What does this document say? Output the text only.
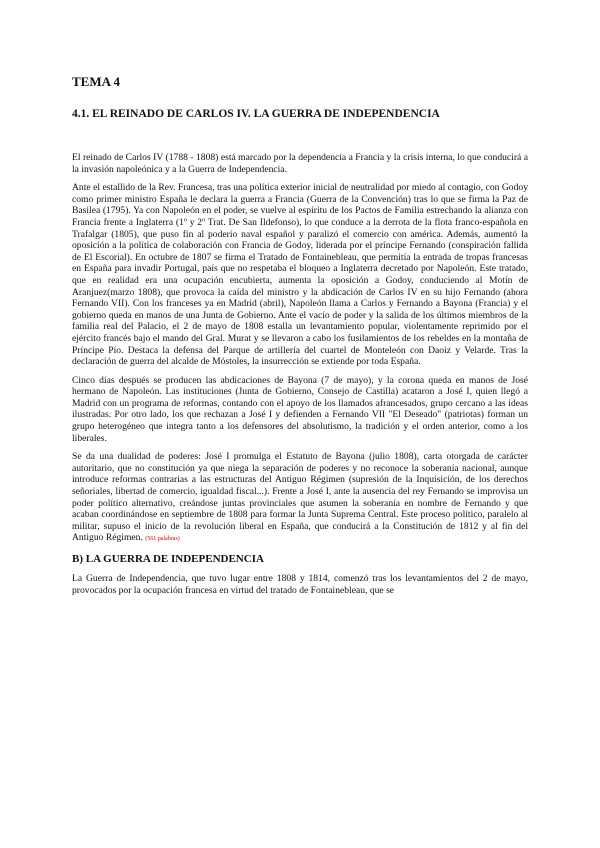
TEMA 4
4.1. EL REINADO DE CARLOS IV. LA GUERRA DE INDEPENDENCIA

El reinado de Carlos IV (1788 - 1808) está marcado por la dependencia a Francia y la crisis interna, lo que conducirá a la invasión napoleónica y a la Guerra de Independencia.

Ante el estallido de la Rev. Francesa, tras una política exterior inicial de neutralidad por miedo al contagio, con Godoy como primer ministro España le declara la guerra a Francia (Guerra de la Convención) tras lo que se firma la Paz de Basilea (1795). Ya con Napoleón en el poder, se vuelve al espíritu de los Pactos de Familia estrechando la alianza con Francia frente a Inglaterra (1º y 2º Trat. De San Ildefonso), lo que conduce a la derrota de la flota franco-española en Trafalgar (1805), que puso fin al poderío naval español y paralizó el comercio con américa. Además, aumentó la oposición a la política de colaboración con Francia de Godoy, liderada por el príncipe Fernando (conspiración fallida de El Escorial). En octubre de 1807 se firma el Tratado de Fontainebleau, que permitía la entrada de tropas francesas en España para invadir Portugal, país que no respetaba el bloqueo a Inglaterra decretado por Napoleón. Este tratado, que en realidad era una ocupación encubierta, aumenta la oposición a Godoy, conduciendo al Motín de Aranjuez(marzo 1808), que provoca la caída del ministro y la abdicación de Carlos IV en su hijo Fernando (ahora Fernando VII). Con los franceses ya en Madrid (abril), Napoleón llama a Carlos y Fernando a Bayona (Francia) y el gobierno queda en manos de una Junta de Gobierno. Ante el vacío de poder y la salida de los últimos miembros de la familia real del Palacio, el 2 de mayo de 1808 estalla un levantamiento popular, violentamente reprimido por el ejército francés bajo el mando del Gral. Murat y se llevaron a cabo los fusilamientos de los rebeldes en la montaña de Príncipe Pío. Destaca la defensa del Parque de artillería del cuartel de Monteleón con Daoiz y Velarde. Tras la declaración de guerra del alcalde de Móstoles, la insurrección se extiende por toda España.

Cinco días después se producen las abdicaciones de Bayona (7 de mayo), y la corona queda en manos de José hermano de Napoleón. Las instituciones (Junta de Gobierno, Consejo de Castilla) acataron a José I, quien llegó a Madrid con un programa de reformas, contando con el apoyo de los llamados afrancesados, grupo cercano a las ideas ilustradas. Por otro lado, los que rechazan a José I y defienden a Fernando VII "El Deseado" (patriotas) forman un grupo heterogéneo que integra tanto a los defensores del absolutismo, la tradición y el orden anterior, como a los liberales.

Se da una dualidad de poderes: José I promulga el Estatuto de Bayona (julio 1808), carta otorgada de carácter autoritario, que no constitución ya que niega la separación de poderes y no reconoce la soberanía nacional, aunque introduce reformas contrarias a las estructuras del Antiguo Régimen (supresión de la Inquisición, de los derechos señoriales, libertad de comercio, igualdad fiscal...). Frente a José I, ante la ausencia del rey Fernando se improvisa un poder político alternativo, creándose juntas provinciales que asumen la soberanía en nombre de Fernando y que acaban coordinándose en septiembre de 1808 para formar la Junta Suprema Central. Este proceso político, paralelo al militar, supuso el inicio de la revolución liberal en España, que conducirá a la Constitución de 1812 y al fin del Antiguo Régimen. (561 palabras)

B) LA GUERRA DE INDEPENDENCIA

La Guerra de Independencia, que tuvo lugar entre 1808 y 1814, comenzó tras los levantamientos del 2 de mayo, provocados por la ocupación francesa en virtud del tratado de Fontainebleau, que se
